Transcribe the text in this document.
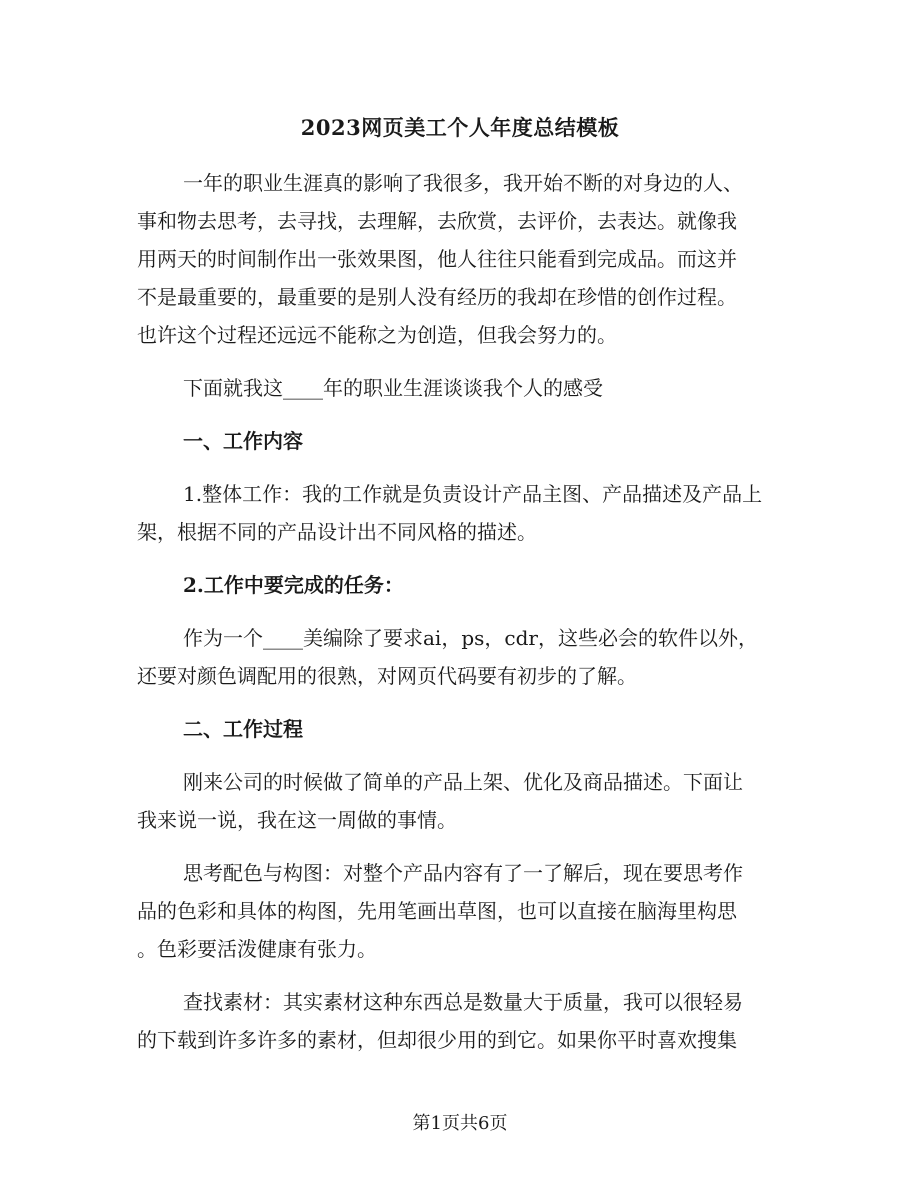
2023网页美工个人年度总结模板
一年的职业生涯真的影响了我很多，我开始不断的对身边的人、
事和物去思考，去寻找，去理解，去欣赏，去评价，去表达。就像我
用两天的时间制作出一张效果图，他人往往只能看到完成品。而这并
不是最重要的，最重要的是别人没有经历的我却在珍惜的创作过程。
也许这个过程还远远不能称之为创造，但我会努力的。
下面就我这____年的职业生涯谈谈我个人的感受
一、工作内容
1.整体工作：我的工作就是负责设计产品主图、产品描述及产品上
架，根据不同的产品设计出不同风格的描述。
2.工作中要完成的任务：
作为一个____美编除了要求ai，ps，cdr，这些必会的软件以外，
还要对颜色调配用的很熟，对网页代码要有初步的了解。
二、工作过程
刚来公司的时候做了简单的产品上架、优化及商品描述。下面让
我来说一说，我在这一周做的事情。
思考配色与构图：对整个产品内容有了一了解后，现在要思考作
品的色彩和具体的构图，先用笔画出草图，也可以直接在脑海里构思
。色彩要活泼健康有张力。
查找素材：其实素材这种东西总是数量大于质量，我可以很轻易
的下载到许多许多的素材，但却很少用的到它。如果你平时喜欢搜集
第1页共6页
